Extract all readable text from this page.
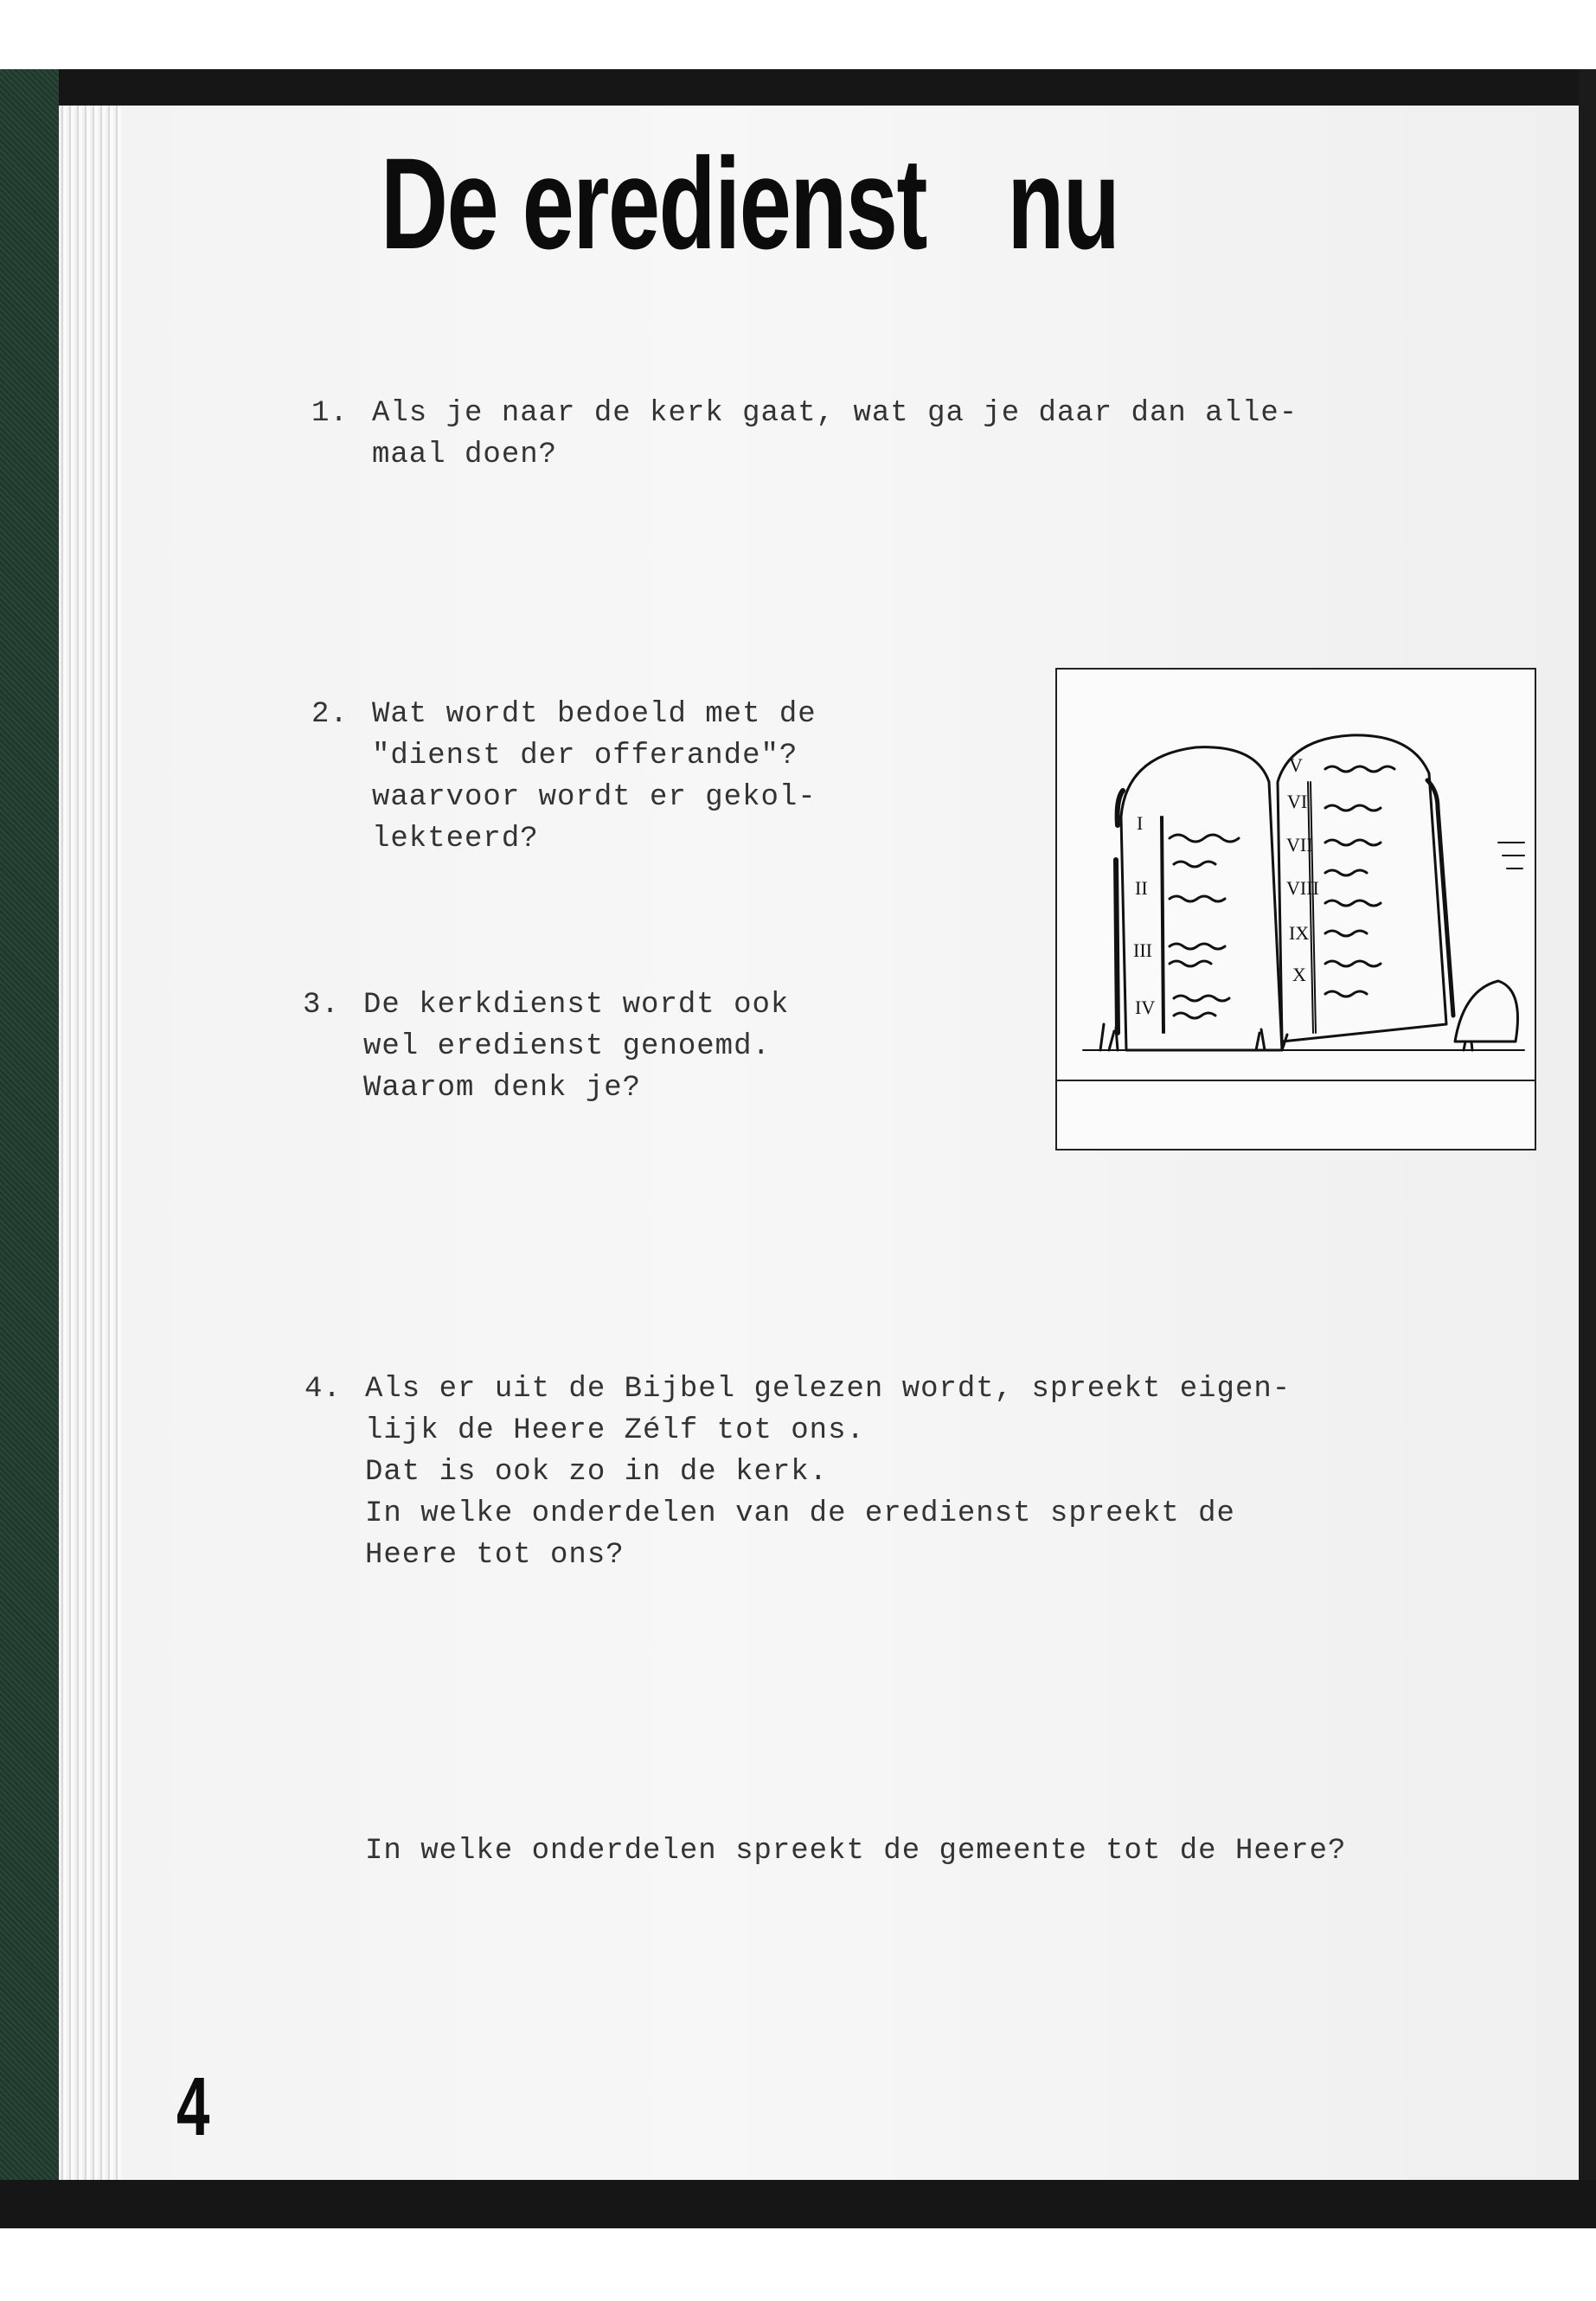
De eredienst nu
1. Als je naar de kerk gaat, wat ga je daar dan alle-

maal doen?

2. Wat wordt bedoeld met de

"dienst der offerande"?

waarvoor wordt er gekol-

lekteerd?

3. De kerkdienst wordt ook

wel eredienst genoemd.

Waarom denk je?

4. Als er uit de Bijbel gelezen wordt, spreekt eigen-

lijk de Heere Zélf tot ons.

Dat is ook zo in de kerk.

In welke onderdelen van de eredienst spreekt de

Heere tot ons?

In welke onderdelen spreekt de gemeente tot de Heere?

I
II
III
IV
V
VI
VII
VIII
IX
X
4
